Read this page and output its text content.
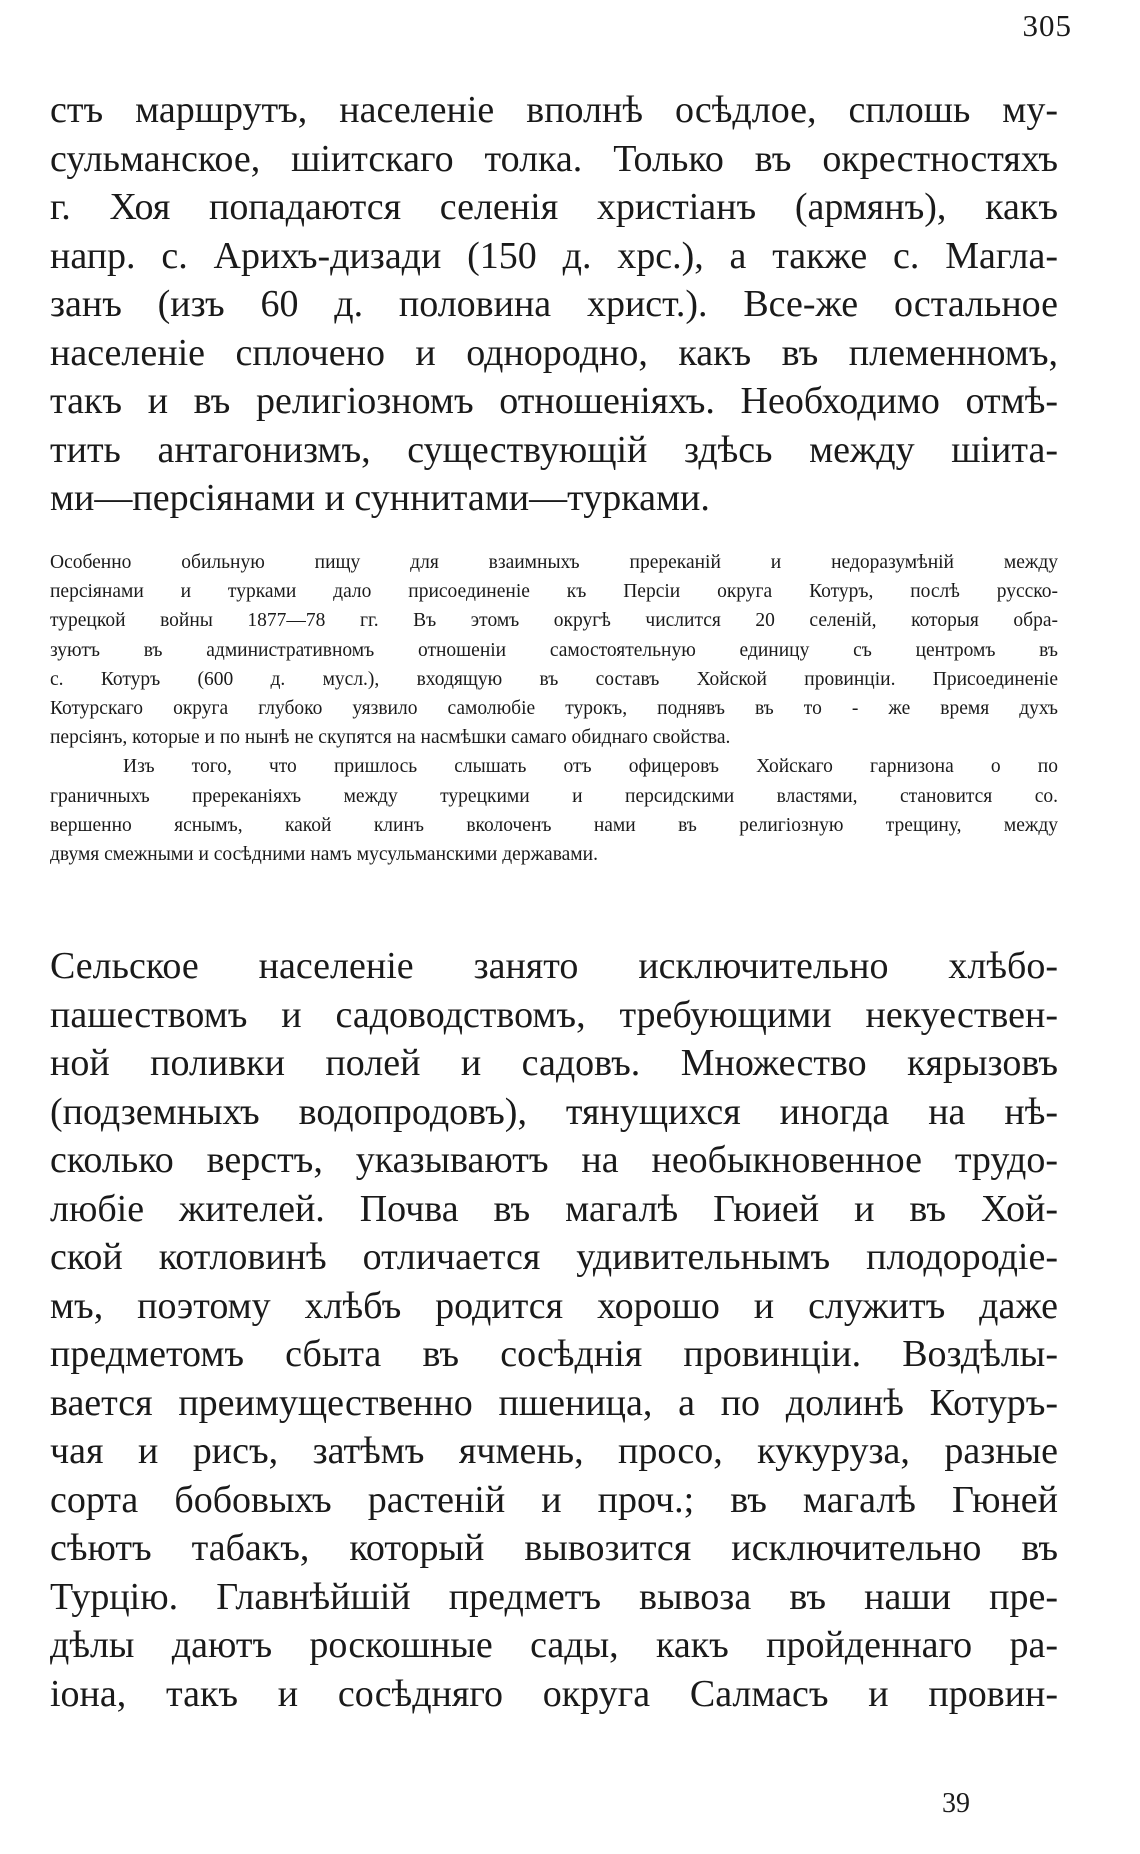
305
стъ маршрутъ, населеніе вполнѣ осѣдлое, сплошь му-
сульманское, шіитскаго толка. Только въ окрестностяхъ
г. Хоя попадаются селенія христіанъ (армянъ), какъ
напр. с. Арихъ-дизади (150 д. хрс.), а также с. Магла-
занъ (изъ 60 д. половина христ.). Все-же остальное
населеніе сплочено и однородно, какъ въ племенномъ,
такъ и въ религіозномъ отношеніяхъ. Необходимо отмѣ-
тить антагонизмъ, существующій здѣсь между шіита-
ми—персіянами и суннитами—турками.
Особенно обильную пищу для взаимныхъ пререканій и недоразумѣній между
персіянами и турками дало присоединеніе къ Персіи округа Котуръ, послѣ русско-
турецкой войны 1877—78 гг. Въ этомъ округѣ числится 20 селеній, которыя обра-
зуютъ въ административномъ отношеніи самостоятельную единицу съ центромъ въ
с. Котуръ (600 д. мусл.), входящую въ составъ Хойской провинціи. Присоединеніе
Котурскаго округа глубоко уязвило самолюбіе турокъ, поднявъ въ то - же время духъ
персіянъ, которые и по нынѣ не скупятся на насмѣшки самаго обиднаго свойства.
Изъ того, что пришлось слышать отъ офицеровъ Хойскаго гарнизона о по
граничныхъ пререканіяхъ между турецкими и персидскими властями, становится со.
вершенно яснымъ, какой клинъ вколоченъ нами въ религіозную трещину, между
двумя смежными и сосѣдними намъ мусульманскими державами.
Сельское населеніе занято исключительно хлѣбо-
пашествомъ и садоводствомъ, требующими некуествен-
ной поливки полей и садовъ. Множество кярызовъ
(подземныхъ водопродовъ), тянущихся иногда на нѣ-
сколько верстъ, указываютъ на необыкновенное трудо-
любіе жителей. Почва въ магалѣ Гюией и въ Хой-
ской котловинѣ отличается удивительнымъ плодородіе-
мъ, поэтому хлѣбъ родится хорошо и служитъ даже
предметомъ сбыта въ сосѣднія провинціи. Воздѣлы-
вается преимущественно пшеница, а по долинѣ Котуръ-
чая и рисъ, затѣмъ ячмень, просо, кукуруза, разные
сорта бобовыхъ растеній и проч.; въ магалѣ Гюней
сѣютъ табакъ, который вывозится исключительно въ
Турцію. Главнѣйшій предметъ вывоза въ наши пре-
дѣлы даютъ роскошные сады, какъ пройденнаго ра-
іона, такъ и сосѣдняго округа Салмасъ и провин-
39
